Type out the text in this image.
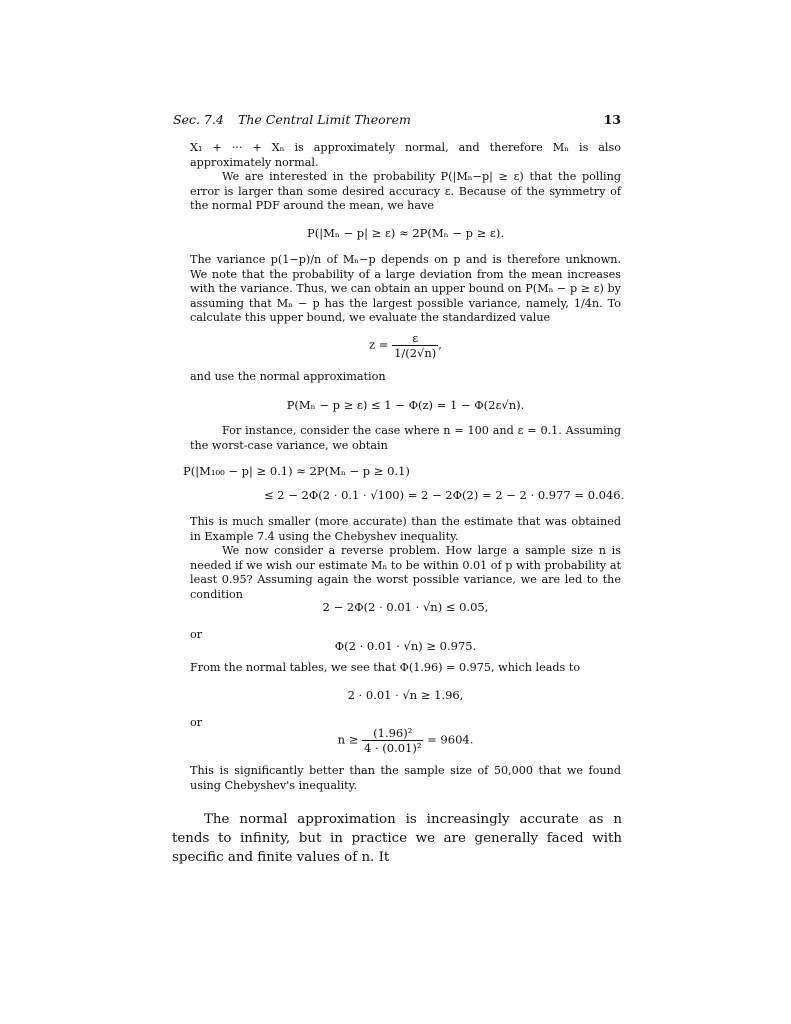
Sec. 7.4 The Central Limit Theorem	13

X₁ + ··· + Xₙ is approximately normal, and therefore Mₙ is also approximately normal.

We are interested in the probability P(|Mₙ−p| ≥ ε) that the polling error is larger than some desired accuracy ε. Because of the symmetry of the normal PDF around the mean, we have

P(|Mₙ − p| ≥ ε) ≈ 2P(Mₙ − p ≥ ε).

The variance p(1−p)/n of Mₙ−p depends on p and is therefore unknown. We note that the probability of a large deviation from the mean increases with the variance. Thus, we can obtain an upper bound on P(Mₙ − p ≥ ε) by assuming that Mₙ − p has the largest possible variance, namely, 1/4n. To calculate this upper bound, we evaluate the standardized value

$z = \frac{\varepsilon}{1/(2√n)}$ ,

and use the normal approximation

P(Mₙ − p ≥ ε) ≤ 1 − Φ(z) = 1 − Φ(2ε√n).

For instance, consider the case where n = 100 and ε = 0.1. Assuming the worst-case variance, we obtain

P(|M₁₀₀ − p| ≥ 0.1) ≈ 2P(Mₙ − p ≥ 0.1)
≤ 2 − 2Φ(2 · 0.1 · √100) = 2 − 2Φ(2) = 2 − 2 · 0.977 = 0.046.

This is much smaller (more accurate) than the estimate that was obtained in Example 7.4 using the Chebyshev inequality.

We now consider a reverse problem. How large a sample size n is needed if we wish our estimate Mₙ to be within 0.01 of p with probability at least 0.95? Assuming again the worst possible variance, we are led to the condition

2 − 2Φ(2 · 0.01 · √n) ≤ 0.05,
or
Φ(2 · 0.01 · √n) ≥ 0.975.

From the normal tables, we see that Φ(1.96) = 0.975, which leads to

2 · 0.01 · √n ≥ 1.96,
or
$n \ge \frac{\text{(1.96)²}}{\text{4 · (0.01)²}} = 9604$.

This is significantly better than the sample size of 50,000 that we found using Chebyshev's inequality.

The normal approximation is increasingly accurate as n tends to infinity, but in practice we are generally faced with specific and finite values of n. It
